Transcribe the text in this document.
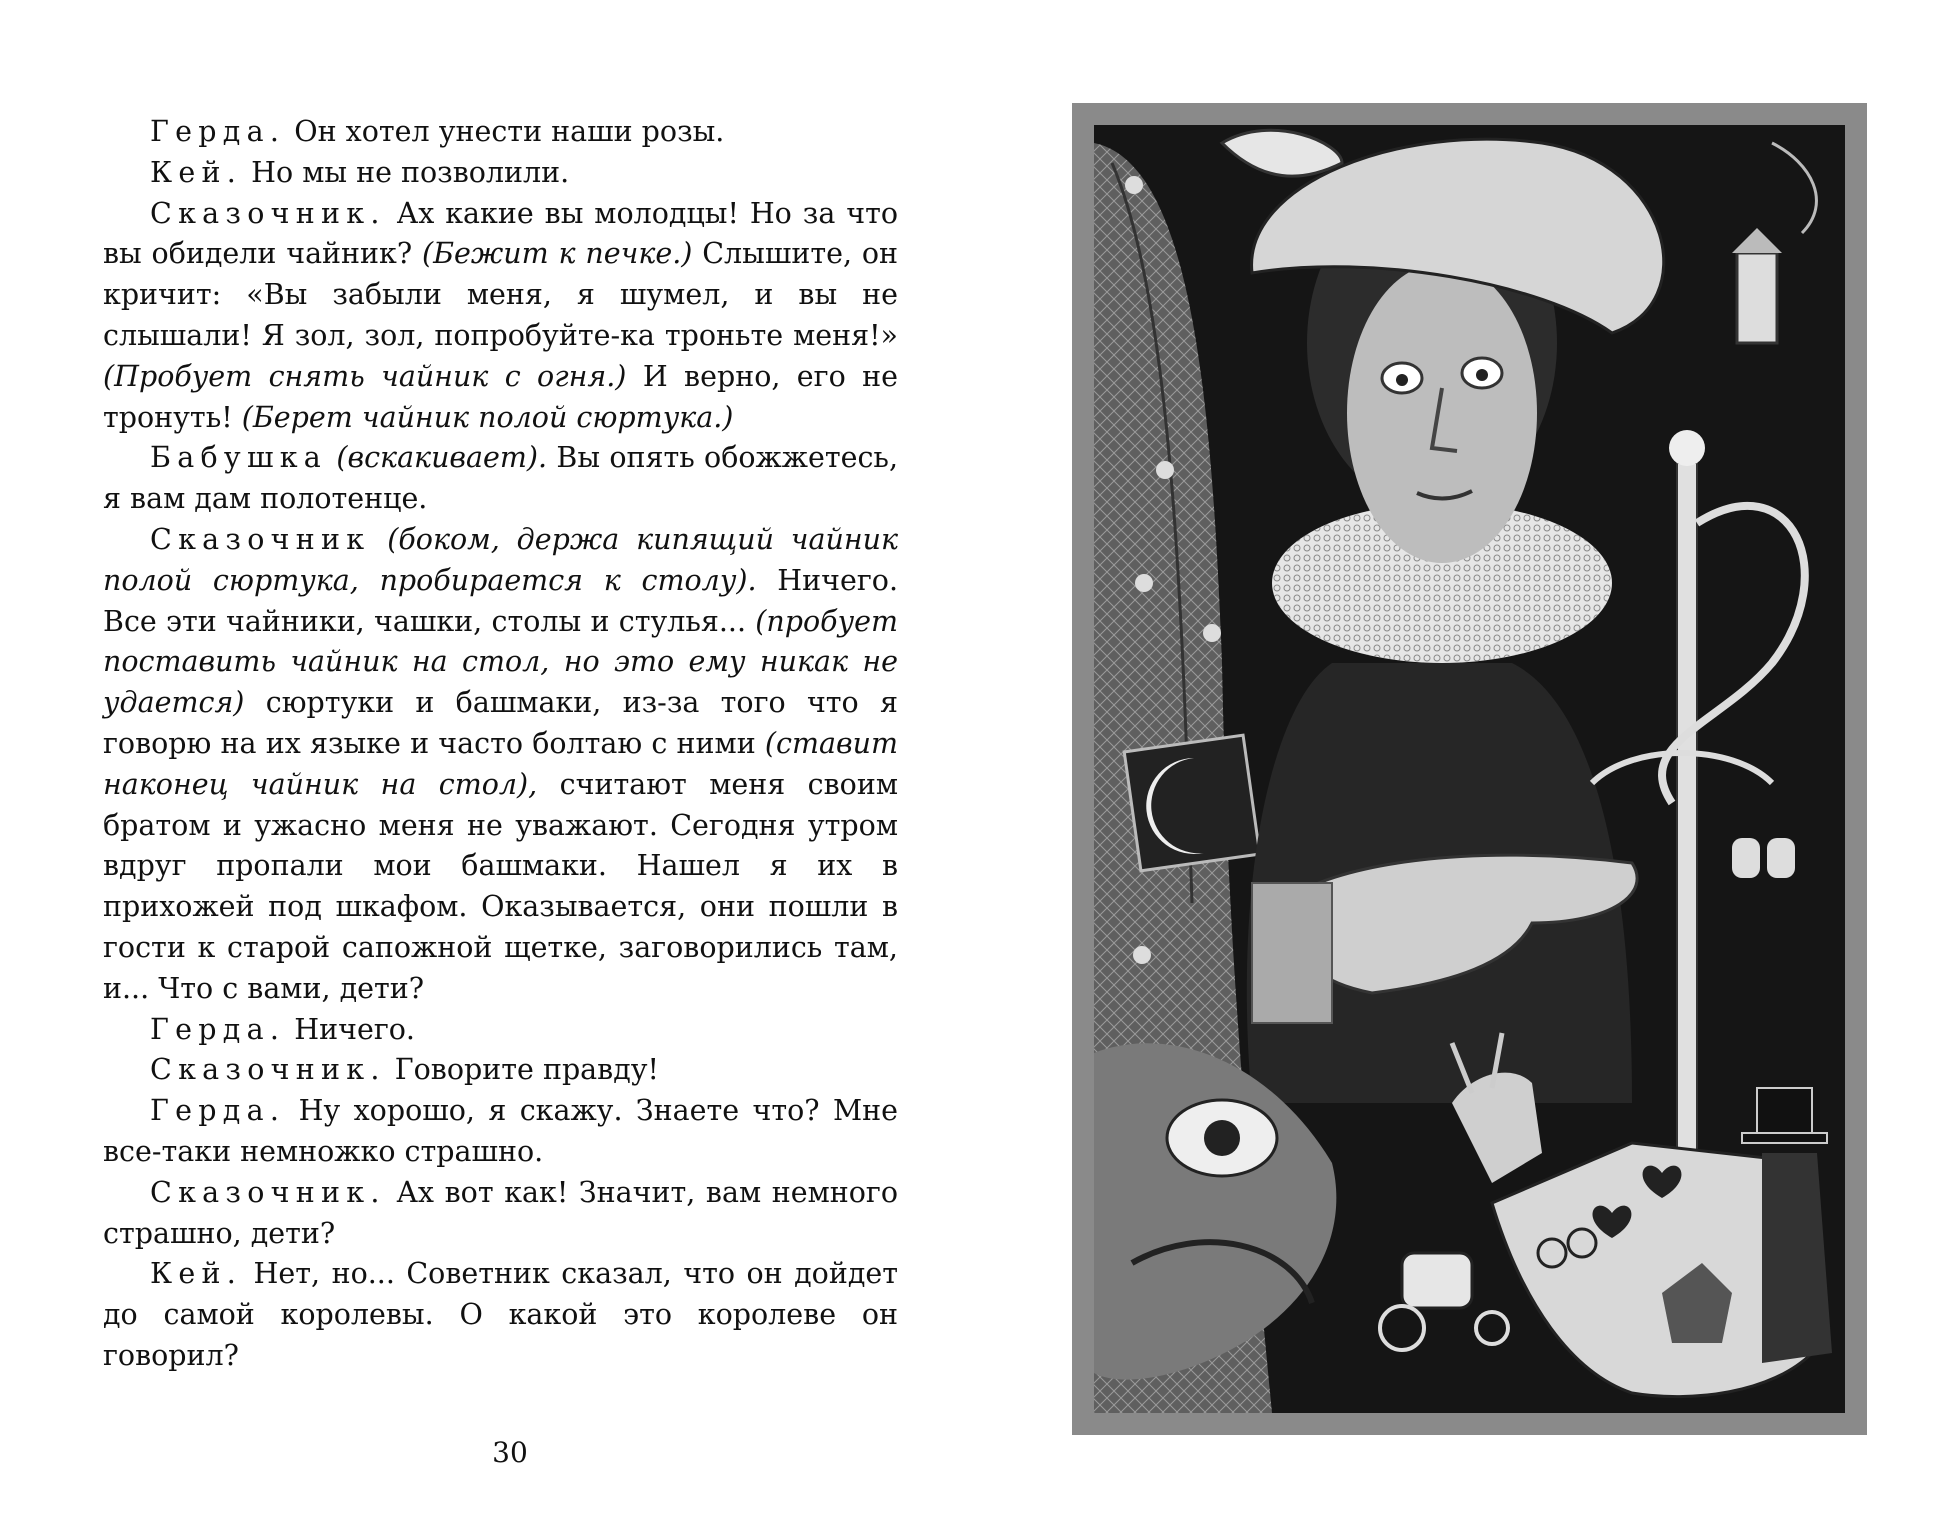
Герда. Он хотел унести наши розы.

Кей. Но мы не позволили.

Сказочник. Ах какие вы молодцы! Но за что вы обидели чайник? (Бежит к печке.) Слышите, он кричит: «Вы забыли меня, я шумел, и вы не слышали! Я зол, зол, попробуйте-ка троньте меня!» (Пробует снять чайник с огня.) И верно, его не тронуть! (Берет чайник полой сюртука.)

Бабушка (вскакивает). Вы опять обожжетесь, я вам дам полотенце.

Сказочник (боком, держа кипящий чайник полой сюртука, пробирается к столу). Ничего. Все эти чайники, чашки, столы и стулья... (пробует поставить чайник на стол, но это ему никак не удается) сюртуки и башмаки, из-за того что я говорю на их языке и часто болтаю с ними (ставит наконец чайник на стол), считают меня своим братом и ужасно меня не уважают. Сегодня утром вдруг пропали мои башмаки. Нашел я их в прихожей под шкафом. Оказывается, они пошли в гости к старой сапожной щетке, заговорились там, и... Что с вами, дети?

Герда. Ничего.

Сказочник. Говорите правду!

Герда. Ну хорошо, я скажу. Знаете что? Мне все-таки немножко страшно.

Сказочник. Ах вот как! Значит, вам немного страшно, дети?

Кей. Нет, но... Советник сказал, что он дойдет до самой королевы. О какой это королеве он говорил?

30
